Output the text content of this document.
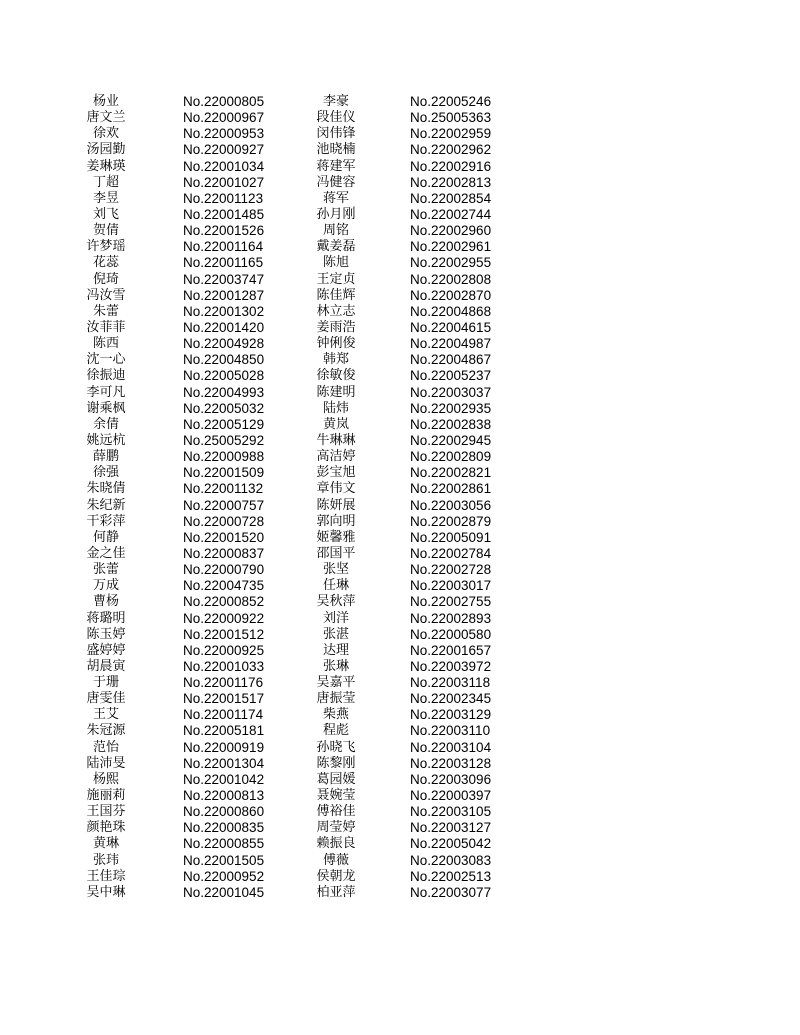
杨业	No.22000805	李豪	No.22005246
唐文兰	No.22000967	段佳仪	No.25005363
徐欢	No.22000953	闵伟锋	No.22002959
汤园勤	No.22000927	池晓楠	No.22002962
姜琳瑛	No.22001034	蒋建军	No.22002916
丁超	No.22001027	冯健容	No.22002813
李昱	No.22001123	蒋军	No.22002854
刘飞	No.22001485	孙月刚	No.22002744
贺倩	No.22001526	周铭	No.22002960
许梦瑶	No.22001164	戴姜磊	No.22002961
花蕊	No.22001165	陈旭	No.22002955
倪琦	No.22003747	王定贞	No.22002808
冯汝雪	No.22001287	陈佳辉	No.22002870
朱蕾	No.22001302	林立志	No.22004868
汝菲菲	No.22001420	姜雨浩	No.22004615
陈西	No.22004928	钟俐俊	No.22004987
沈一心	No.22004850	韩郑	No.22004867
徐振迪	No.22005028	徐敏俊	No.22005237
李可凡	No.22004993	陈建明	No.22003037
谢乘枫	No.22005032	陆炜	No.22002935
余倩	No.22005129	黄岚	No.22002838
姚远杭	No.25005292	牛琳琳	No.22002945
薛鹏	No.22000988	高洁婷	No.22002809
徐强	No.22001509	彭宝旭	No.22002821
朱晓倩	No.22001132	章伟文	No.22002861
朱纪新	No.22000757	陈妍展	No.22003056
干彩萍	No.22000728	郭向明	No.22002879
何静	No.22001520	姬馨雅	No.22005091
金之佳	No.22000837	邵国平	No.22002784
张蕾	No.22000790	张坚	No.22002728
万成	No.22004735	任琳	No.22003017
曹杨	No.22000852	吴秋萍	No.22002755
蒋璐明	No.22000922	刘洋	No.22002893
陈玉婷	No.22001512	张湛	No.22000580
盛婷婷	No.22000925	达理	No.22001657
胡晨寅	No.22001033	张琳	No.22003972
于珊	No.22001176	吴嘉平	No.22003118
唐雯佳	No.22001517	唐振莹	No.22002345
王艾	No.22001174	柴燕	No.22003129
朱冠源	No.22005181	程彪	No.22003110
范怡	No.22000919	孙晓飞	No.22003104
陆沛旻	No.22001304	陈黎刚	No.22003128
杨熙	No.22001042	葛园媛	No.22003096
施丽莉	No.22000813	聂婉莹	No.22000397
王国芬	No.22000860	傅裕佳	No.22003105
颜艳珠	No.22000835	周莹婷	No.22003127
黄琳	No.22000855	赖振良	No.22005042
张玮	No.22001505	傅薇	No.22003083
王佳琮	No.22000952	侯朝龙	No.22002513
吴中琳	No.22001045	柏亚萍	No.22003077
